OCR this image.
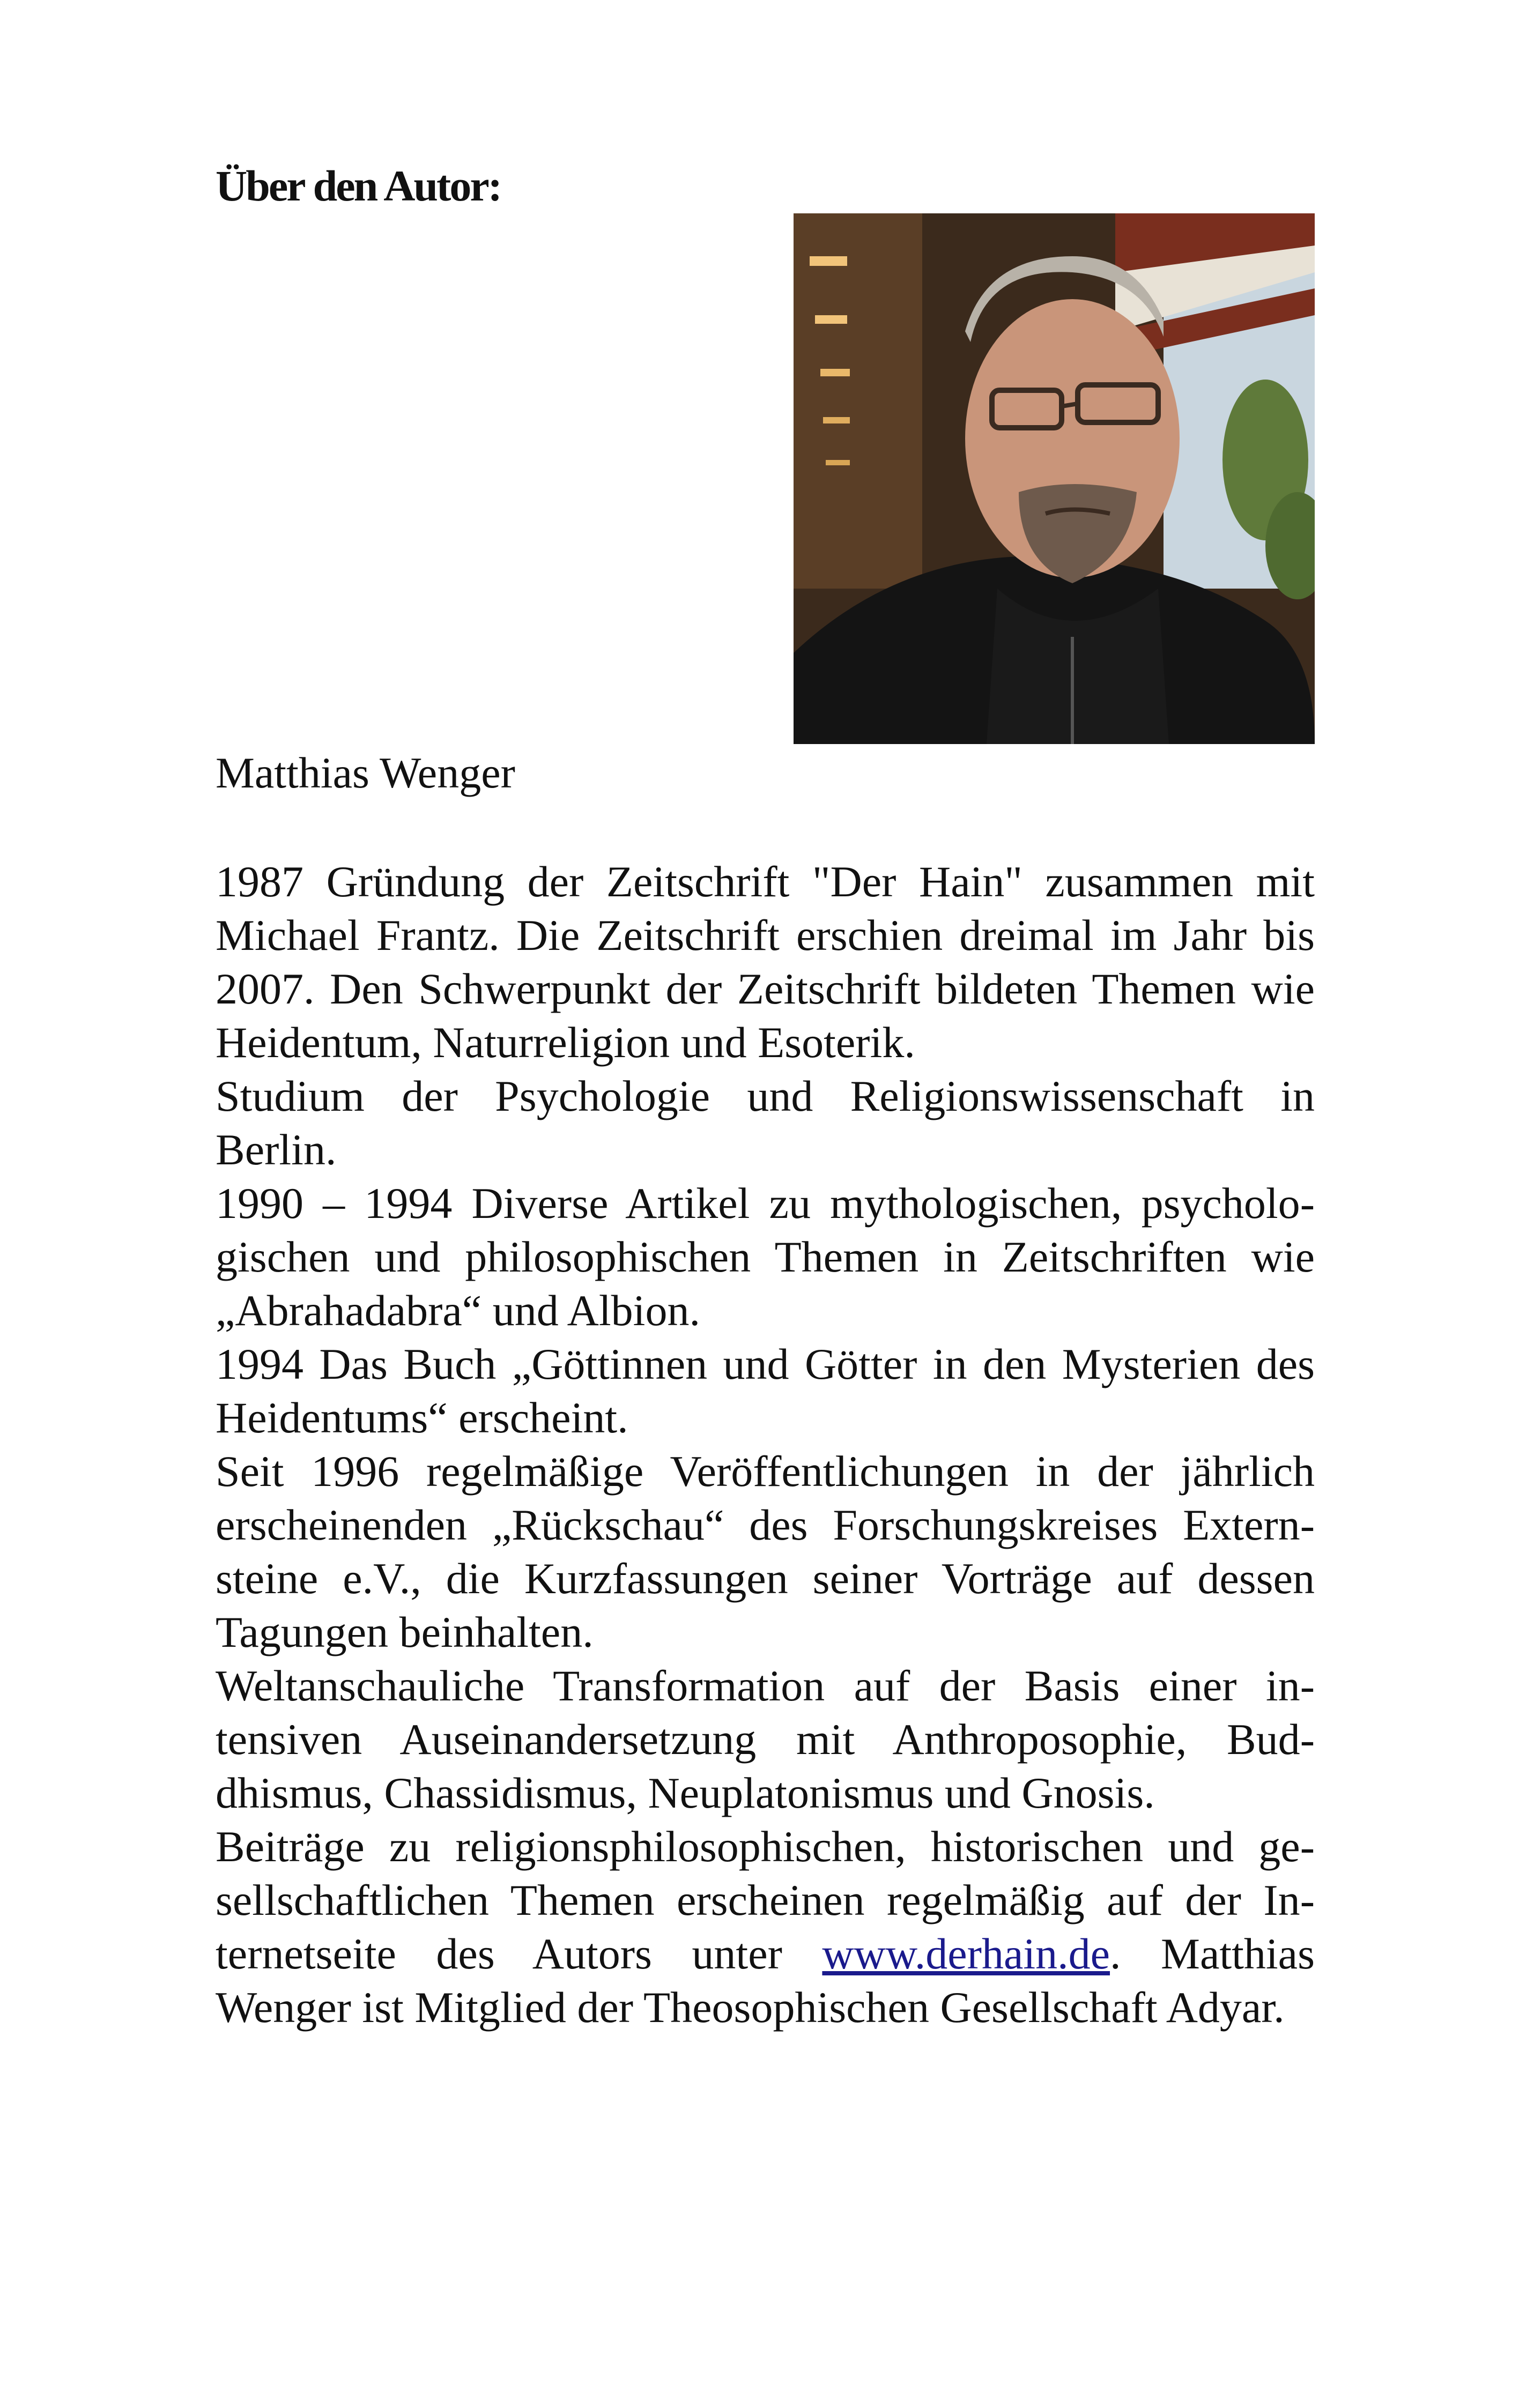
Über den Autor:

Matthias Wenger

1987 Gründung der Zeitschrift "Der Hain" zusammen mit Michael Frantz. Die Zeitschrift erschien dreimal im Jahr bis 2007. Den Schwerpunkt der Zeitschrift bildeten Themen wie Heidentum, Naturreligion und Esoterik.

Studium der Psychologie und Religionswissenschaft in Berlin.

1990 – 1994 Diverse Artikel zu mythologischen, psychologischen und philosophischen Themen in Zeitschriften wie „Abrahadabra“ und Albion.

1994 Das Buch „Göttinnen und Götter in den Mysterien des Heidentums“ erscheint.

Seit 1996 regelmäßige Veröffentlichungen in der jährlich erscheinenden „Rückschau“ des Forschungskreises Externsteine e.V., die Kurzfassungen seiner Vorträge auf dessen Tagungen beinhalten.

Weltanschauliche Transformation auf der Basis einer intensiven Auseinandersetzung mit Anthroposophie, Buddhismus, Chassidismus, Neuplatonismus und Gnosis.

Beiträge zu religionsphilosophischen, historischen und gesellschaftlichen Themen erscheinen regelmäßig auf der Internetseite des Autors unter www.derhain.de. Matthias Wenger ist Mitglied der Theosophischen Gesellschaft Adyar.
